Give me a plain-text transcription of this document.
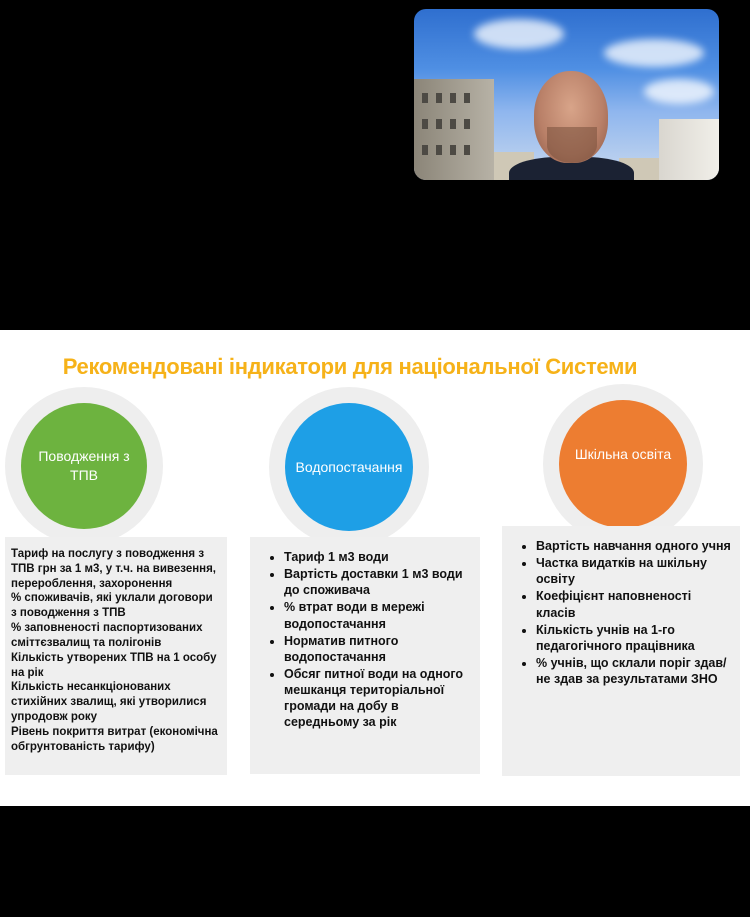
Рекомендовані індикатори для національної Системи
Поводження з
ТПВ
Тариф на послугу з поводження з ТПВ грн за 1 м3, у т.ч. на вивезення, перероблення, захоронення
% споживачів, які уклали договори з поводження з ТПВ
% заповненості паспортизованих сміттєзвалищ та полігонів
Кількість утворених ТПВ на 1 особу на рік
Кількість несанкціонованих стихійних звалищ, які утворилися упродовж року
Рівень покриття витрат (економічна обгрунтованість тарифу)
Водопостачання
• Тариф 1 м3 води
• Вартість доставки 1 м3 води до споживача
• % втрат води в мережі водопостачання
• Норматив питного водопостачання
• Обсяг питної води на одного мешканця територіальної громади на добу в середньому за рік
Шкільна освіта
• Вартість навчання одного учня
• Частка видатків на шкільну освіту
• Коефіцієнт наповненості класів
• Кількість учнів на 1-го педагогічного працівника
• % учнів, що склали поріг здав/не здав за результатами ЗНО
